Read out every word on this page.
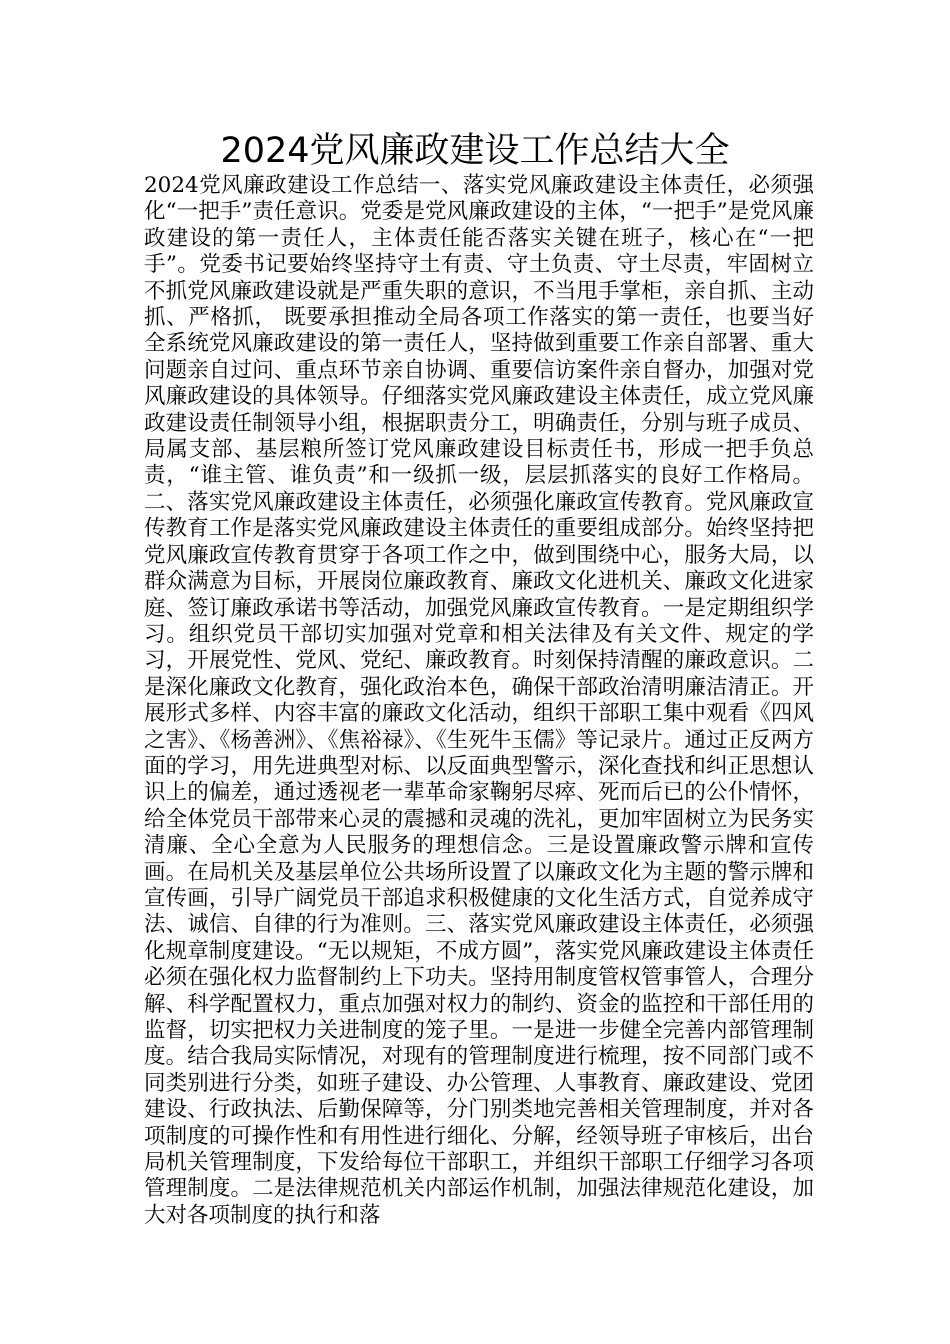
2024党风廉政建设工作总结大全

2024党风廉政建设工作总结一、落实党风廉政建设主体责任，必须强化“一把手”责任意识。党委是党风廉政建设的主体，“一把手”是党风廉政建设的第一责任人，主体责任能否落实关键在班子，核心在“一把手”。党委书记要始终坚持守土有责、守土负责、守土尽责，牢固树立不抓党风廉政建设就是严重失职的意识，不当甩手掌柜，亲自抓、主动抓、严格抓， 既要承担推动全局各项工作落实的第一责任，也要当好全系统党风廉政建设的第一责任人，坚持做到重要工作亲自部署、重大问题亲自过问、重点环节亲自协调、重要信访案件亲自督办，加强对党风廉政建设的具体领导。仔细落实党风廉政建设主体责任，成立党风廉政建设责任制领导小组，根据职责分工，明确责任，分别与班子成员、局属支部、基层粮所签订党风廉政建设目标责任书，形成一把手负总责，“谁主管、谁负责”和一级抓一级，层层抓落实的良好工作格局。二、落实党风廉政建设主体责任，必须强化廉政宣传教育。党风廉政宣传教育工作是落实党风廉政建设主体责任的重要组成部分。始终坚持把党风廉政宣传教育贯穿于各项工作之中，做到围绕中心，服务大局，以群众满意为目标，开展岗位廉政教育、廉政文化进机关、廉政文化进家庭、签订廉政承诺书等活动，加强党风廉政宣传教育。一是定期组织学习。组织党员干部切实加强对党章和相关法律及有关文件、规定的学习，开展党性、党风、党纪、廉政教育。时刻保持清醒的廉政意识。二是深化廉政文化教育，强化政治本色，确保干部政治清明廉洁清正。开展形式多样、内容丰富的廉政文化活动，组织干部职工集中观看《四风之害》、《杨善洲》、《焦裕禄》、《生死牛玉儒》等记录片。通过正反两方面的学习，用先进典型对标、以反面典型警示，深化查找和纠正思想认识上的偏差，通过透视老一辈革命家鞠躬尽瘁、死而后已的公仆情怀，给全体党员干部带来心灵的震撼和灵魂的洗礼，更加牢固树立为民务实清廉、全心全意为人民服务的理想信念。三是设置廉政警示牌和宣传画。在局机关及基层单位公共场所设置了以廉政文化为主题的警示牌和宣传画，引导广阔党员干部追求积极健康的文化生活方式，自觉养成守法、诚信、自律的行为准则。三、落实党风廉政建设主体责任，必须强化规章制度建设。“无以规矩，不成方圆”，落实党风廉政建设主体责任必须在强化权力监督制约上下功夫。坚持用制度管权管事管人，合理分解、科学配置权力，重点加强对权力的制约、资金的监控和干部任用的监督，切实把权力关进制度的笼子里。一是进一步健全完善内部管理制度。结合我局实际情况，对现有的管理制度进行梳理，按不同部门或不同类别进行分类，如班子建设、办公管理、人事教育、廉政建设、党团建设、行政执法、后勤保障等，分门别类地完善相关管理制度，并对各项制度的可操作性和有用性进行细化、分解，经领导班子审核后，出台局机关管理制度，下发给每位干部职工，并组织干部职工仔细学习各项管理制度。二是法律规范机关内部运作机制，加强法律规范化建设，加大对各项制度的执行和落
